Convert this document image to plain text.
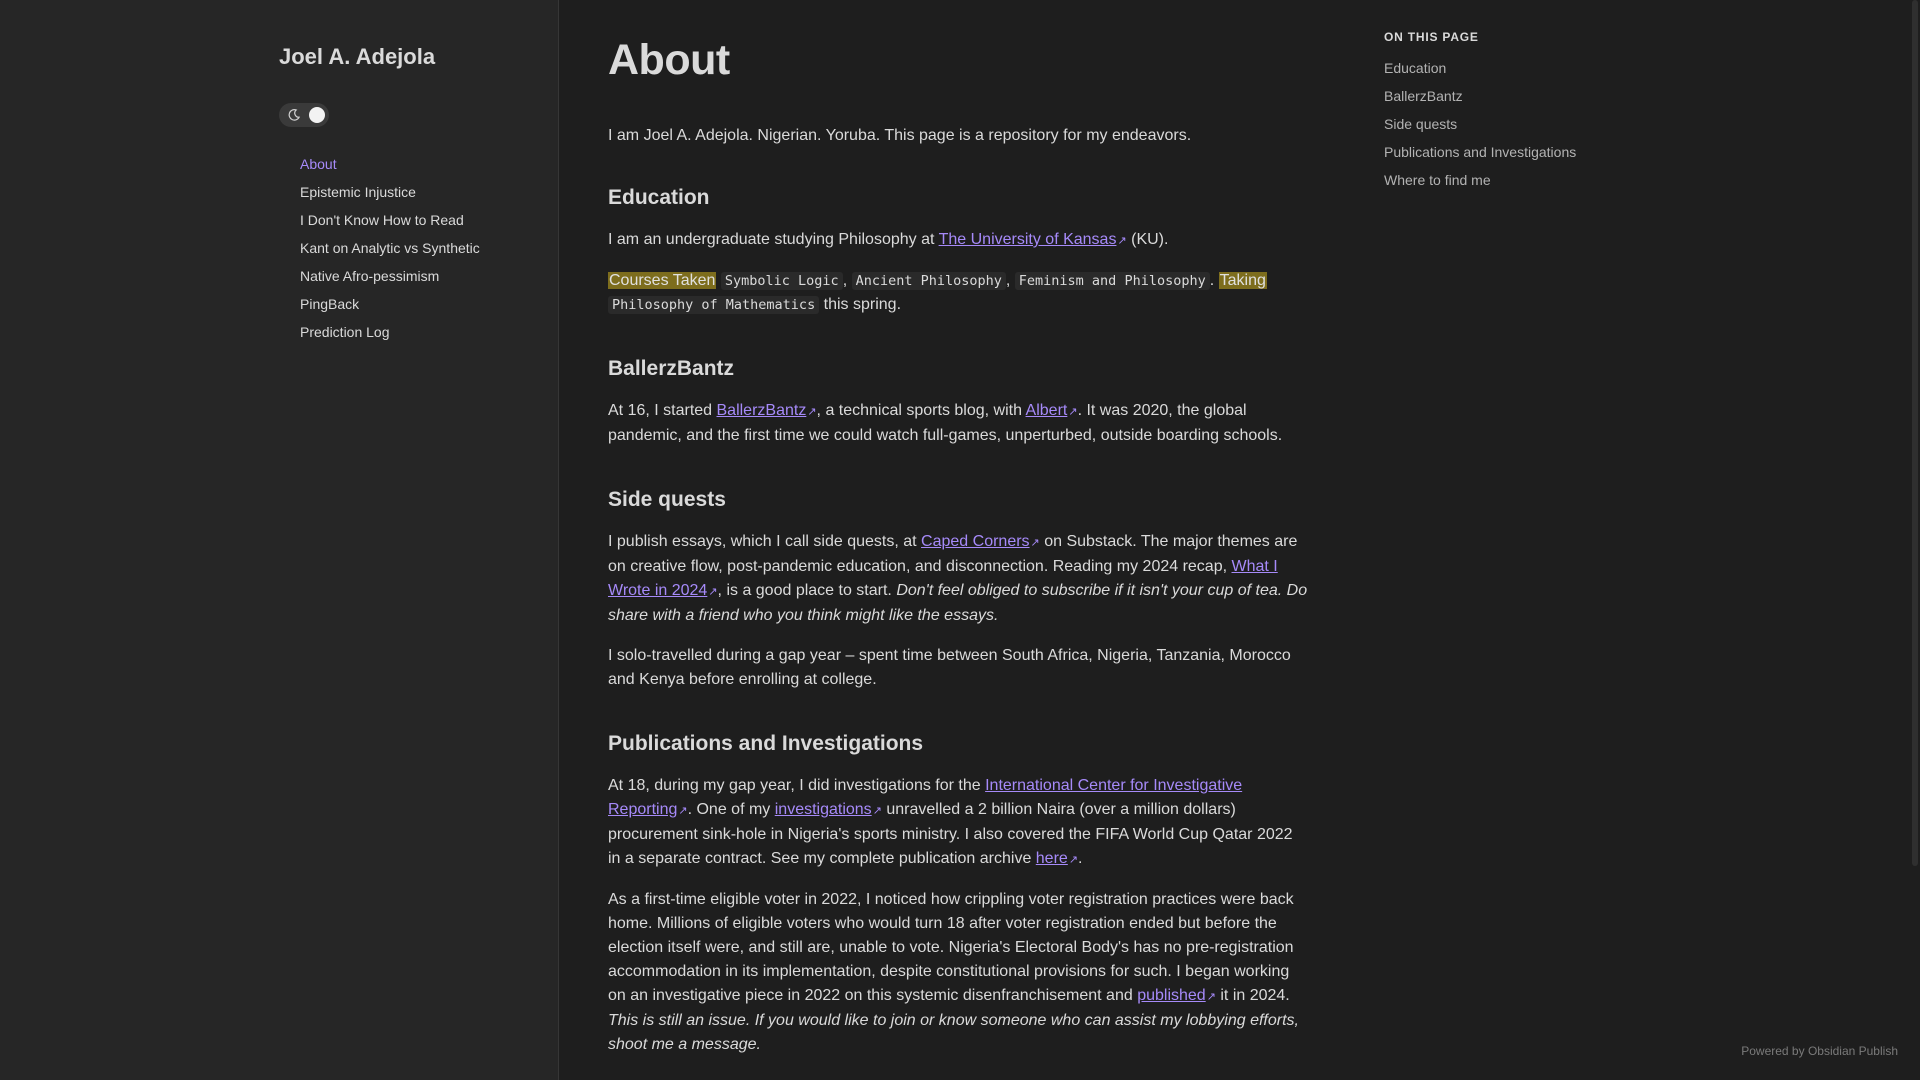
Joel A. Adejola
About
Epistemic Injustice
I Don't Know How to Read
Kant on Analytic vs Synthetic
Native Afro-pessimism
PingBack
Prediction Log
About

I am Joel A. Adejola. Nigerian. Yoruba. This page is a repository for my endeavors.

Education

I am an undergraduate studying Philosophy at The University of Kansas↗ (KU).

Courses Taken Symbolic Logic , Ancient Philosophy , Feminism and Philosophy . Taking Philosophy of Mathematics this spring.

BallerzBantz

At 16, I started BallerzBantz↗, a technical sports blog, with Albert↗. It was 2020, the global pandemic, and the first time we could watch full-games, unperturbed, outside boarding schools.

Side quests

I publish essays, which I call side quests, at Caped Corners↗ on Substack. The major themes are on creative flow, post-pandemic education, and disconnection. Reading my 2024 recap, What I Wrote in 2024↗, is a good place to start. Don't feel obliged to subscribe if it isn't your cup of tea. Do share with a friend who you think might like the essays.

I solo-travelled during a gap year – spent time between South Africa, Nigeria, Tanzania, Morocco and Kenya before enrolling at college.

Publications and Investigations

At 18, during my gap year, I did investigations for the International Center for Investigative Reporting↗. One of my investigations↗ unravelled a 2 billion Naira (over a million dollars) procurement sink-hole in Nigeria's sports ministry. I also covered the FIFA World Cup Qatar 2022 in a separate contract. See my complete publication archive here↗.

As a first-time eligible voter in 2022, I noticed how crippling voter registration practices were back home. Millions of eligible voters who would turn 18 after voter registration ended but before the election itself were, and still are, unable to vote. Nigeria's Electoral Body's has no pre-registration accommodation in its implementation, despite constitutional provisions for such. I began working on an investigative piece in 2022 on this systemic disenfranchisement and published↗ it in 2024. This is still an issue. If you would like to join or know someone who can assist my lobbying efforts, shoot me a message.

ON THIS PAGE
Education
BallerzBantz
Side quests
Publications and Investigations
Where to find me
Powered by Obsidian Publish
